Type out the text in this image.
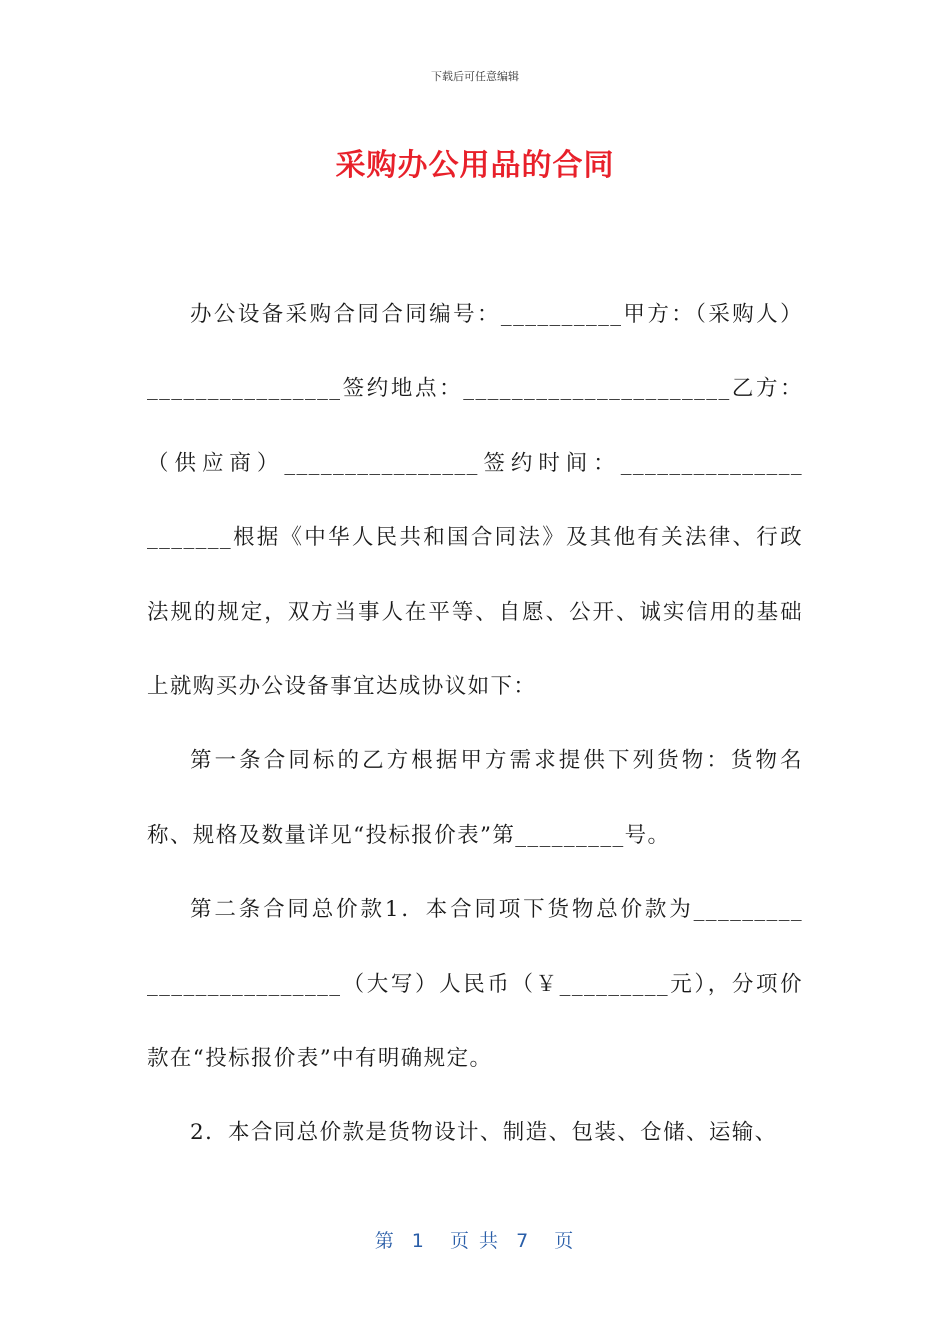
下载后可任意编辑
采购办公用品的合同

办公设备采购合同合同编号：__________甲方：（采购人）________________签约地点：______________________乙方：（供应商）________________签约时间：_______________ _______根据《中华人民共和国合同法》及其他有关法律、行政法规的规定，双方当事人在平等、自愿、公开、诚实信用的基础上就购买办公设备事宜达成协议如下：

第一条合同标的乙方根据甲方需求提供下列货物：货物名称、规格及数量详见“投标报价表”第_________号。

第二条合同总价款1．本合同项下货物总价款为_________ ________________（大写）人民币（￥_________元），分项价款在“投标报价表”中有明确规定。

2．本合同总价款是货物设计、制造、包装、仓储、运输、

第  1   页 共  7   页
